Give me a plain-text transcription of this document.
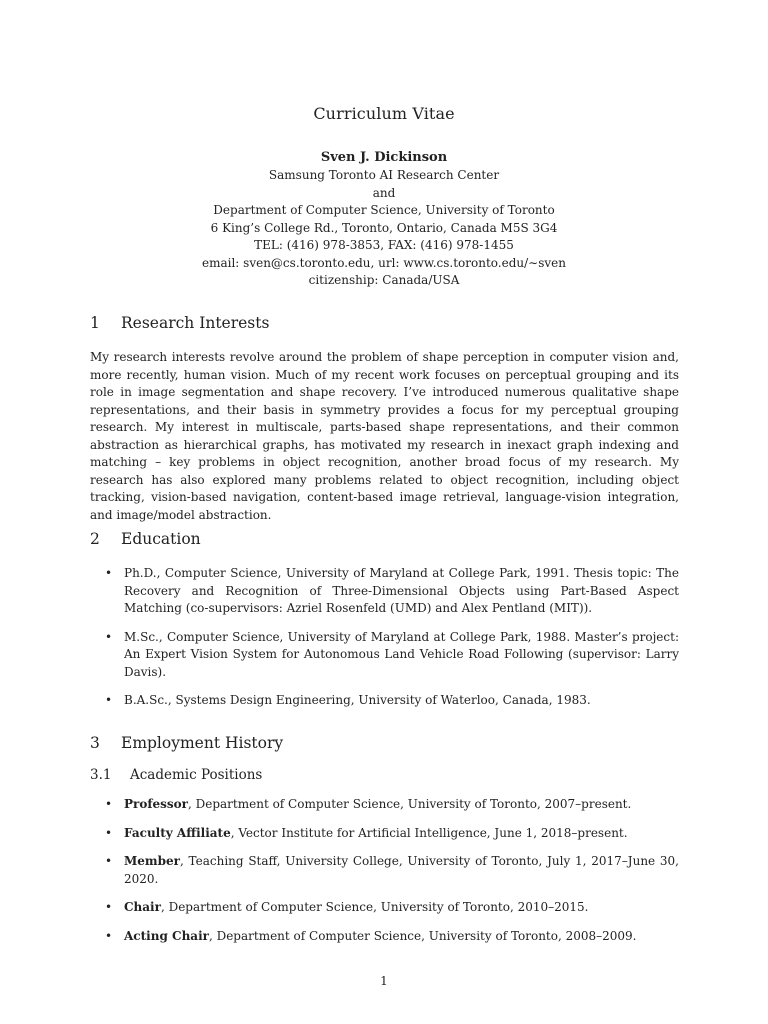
Curriculum Vitae
Sven J. Dickinson
Samsung Toronto AI Research Center
and
Department of Computer Science, University of Toronto
6 King’s College Rd., Toronto, Ontario, Canada M5S 3G4
TEL: (416) 978-3853, FAX: (416) 978-1455
email: sven@cs.toronto.edu, url: www.cs.toronto.edu/∼sven
citizenship: Canada/USA
1 Research Interests

My research interests revolve around the problem of shape perception in computer vision and, more recently, human vision. Much of my recent work focuses on perceptual grouping and its role in image segmentation and shape recovery. I’ve introduced numerous qualitative shape representations, and their basis in symmetry provides a focus for my perceptual grouping research. My interest in multiscale, parts-based shape representations, and their common abstraction as hierarchical graphs, has motivated my research in inexact graph indexing and matching – key problems in object recognition, another broad focus of my research. My research has also explored many problems related to object recognition, including object tracking, vision-based navigation, content-based image retrieval, language-vision integration, and image/model abstraction.

2 Education
• Ph.D., Computer Science, University of Maryland at College Park, 1991. Thesis topic: The Recovery and Recognition of Three-Dimensional Objects using Part-Based Aspect Matching (co-supervisors: Azriel Rosenfeld (UMD) and Alex Pentland (MIT)).
• M.Sc., Computer Science, University of Maryland at College Park, 1988. Master’s project: An Expert Vision System for Autonomous Land Vehicle Road Following (supervisor: Larry Davis).
• B.A.Sc., Systems Design Engineering, University of Waterloo, Canada, 1983.
3 Employment History
3.1 Academic Positions
• Professor, Department of Computer Science, University of Toronto, 2007–present.
• Faculty Affiliate, Vector Institute for Artificial Intelligence, June 1, 2018–present.
• Member, Teaching Staff, University College, University of Toronto, July 1, 2017–June 30, 2020.
• Chair, Department of Computer Science, University of Toronto, 2010–2015.
• Acting Chair, Department of Computer Science, University of Toronto, 2008–2009.
1
